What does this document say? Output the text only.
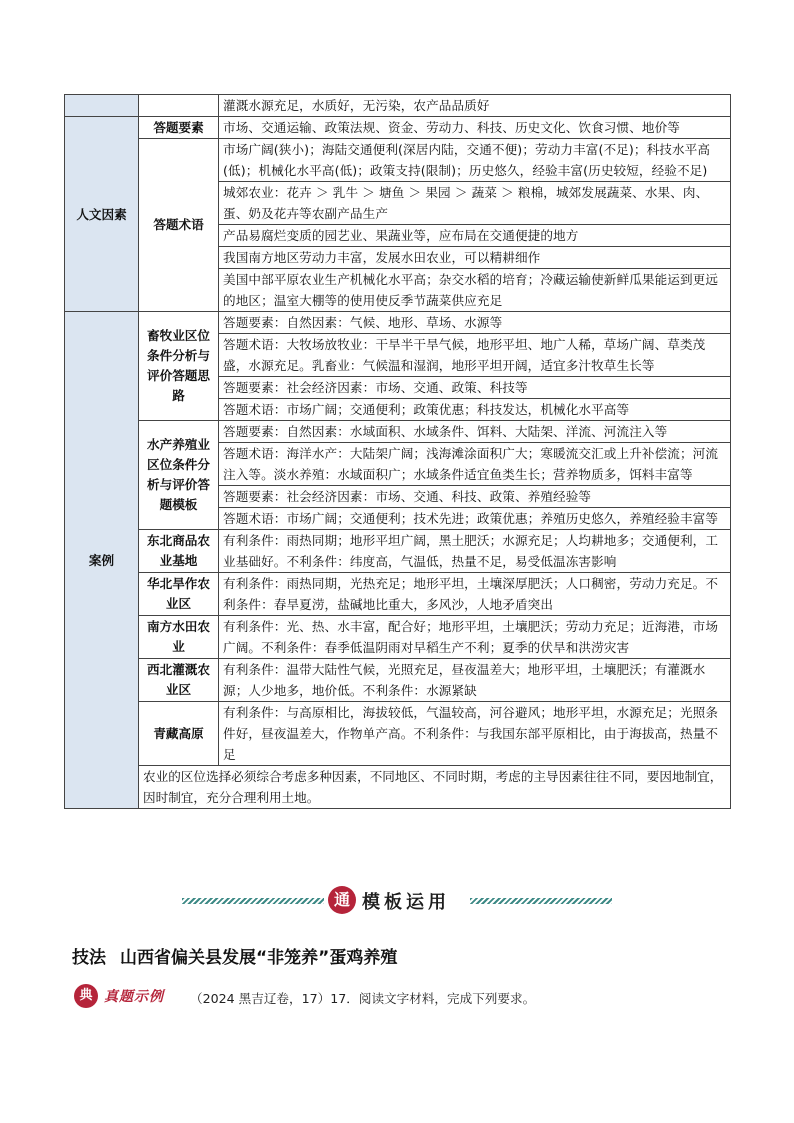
		灌溉水源充足，水质好，无污染，农产品品质好
人文因素	答题要素	市场、交通运输、政策法规、资金、劳动力、科技、历史文化、饮食习惯、地价等
	答题术语	市场广阔(狭小)；海陆交通便利(深居内陆，交通不便)；劳动力丰富(不足)；科技水平高(低)；机械化水平高(低)；政策支持(限制)；历史悠久，经验丰富(历史较短，经验不足)
		城郊农业：花卉 ＞ 乳牛 ＞ 塘鱼 ＞ 果园 ＞ 蔬菜 ＞ 粮棉，城郊发展蔬菜、水果、肉、蛋、奶及花卉等农副产品生产
		产品易腐烂变质的园艺业、果蔬业等，应布局在交通便捷的地方
		我国南方地区劳动力丰富，发展水田农业，可以精耕细作
		美国中部平原农业生产机械化水平高；杂交水稻的培育；冷藏运输使新鲜瓜果能运到更远的地区；温室大棚等的使用使反季节蔬菜供应充足
案例	畜牧业区位条件分析与评价答题思路	答题要素：自然因素：气候、地形、草场、水源等
		答题术语：大牧场放牧业：干旱半干旱气候，地形平坦、地广人稀，草场广阔、草类茂盛，水源充足。乳畜业：气候温和湿润，地形平坦开阔，适宜多汁牧草生长等
		答题要素：社会经济因素：市场、交通、政策、科技等
		答题术语：市场广阔；交通便利；政策优惠；科技发达，机械化水平高等
	水产养殖业区位条件分析与评价答题模板	答题要素：自然因素：水域面积、水域条件、饵料、大陆架、洋流、河流注入等
		答题术语：海洋水产：大陆架广阔；浅海滩涂面积广大；寒暖流交汇或上升补偿流；河流注入等。淡水养殖：水域面积广；水域条件适宜鱼类生长；营养物质多，饵料丰富等
		答题要素：社会经济因素：市场、交通、科技、政策、养殖经验等
		答题术语：市场广阔；交通便利；技术先进；政策优惠；养殖历史悠久，养殖经验丰富等
	东北商品农业基地	有利条件：雨热同期；地形平坦广阔，黑土肥沃；水源充足；人均耕地多；交通便利，工业基础好。不利条件：纬度高，气温低，热量不足，易受低温冻害影响
	华北旱作农业区	有利条件：雨热同期，光热充足；地形平坦，土壤深厚肥沃；人口稠密，劳动力充足。不利条件：春旱夏涝，盐碱地比重大，多风沙，人地矛盾突出
	南方水田农业	有利条件：光、热、水丰富，配合好；地形平坦，土壤肥沃；劳动力充足；近海港，市场广阔。不利条件：春季低温阴雨对早稻生产不利；夏季的伏旱和洪涝灾害
	西北灌溉农业区	有利条件：温带大陆性气候，光照充足，昼夜温差大；地形平坦，土壤肥沃；有灌溉水源；人少地多，地价低。不利条件：水源紧缺
	青藏高原	有利条件：与高原相比，海拔较低，气温较高，河谷避风；地形平坦，水源充足；光照条件好，昼夜温差大，作物单产高。不利条件：与我国东部平原相比，由于海拔高，热量不足
	农业的区位选择必须综合考虑多种因素，不同地区、不同时期，考虑的主导因素往往不同，要因地制宜，因时制宜，充分合理利用土地。	
通 模板运用
技法 山西省偏关县发展“非笼养”蛋鸡养殖
典 真题示例 （2024 黑吉辽卷，17）17．阅读文字材料，完成下列要求。
